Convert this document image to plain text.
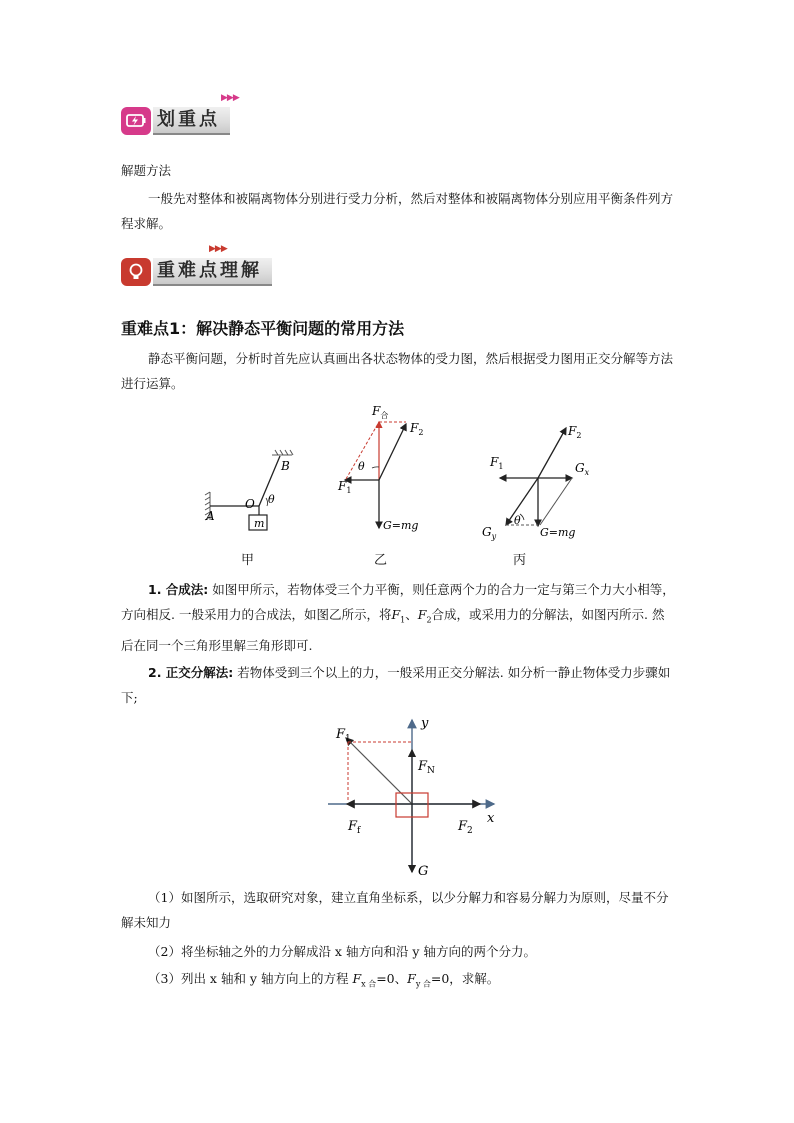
划重点
▶▶▶
解题方法
一般先对整体和被隔离物体分别进行受力分析，然后对整体和被隔离物体分别应用平衡条件列方程求解。
重难点理解
▶▶▶
重难点1：解决静态平衡问题的常用方法
静态平衡问题，分析时首先应认真画出各状态物体的受力图，然后根据受力图用正交分解等方法进行运算。
A
B
O
m
θ
甲
$F_合$
$F_2$
$F_1$
θ
G=mg
乙
$F_2$
$F_1$	$G_x$
$G_y$
θ
G=mg
丙
1. 合成法: 如图甲所示，若物体受三个力平衡，则任意两个力的合力一定与第三个力大小相等，方向相反. 一般采用力的合成法，如图乙所示，将$F_1$、$F_2$合成，或采用力的分解法，如图丙所示. 然后在同一个三角形里解三角形即可.
2. 正交分解法: 若物体受到三个以上的力，一般采用正交分解法. 如分析一静止物体受力步骤如下;
y
x
$F_1$
$F_N$
$F_f$	$F_2$
G
（1）如图所示，选取研究对象，建立直角坐标系，以少分解力和容易分解力为原则，尽量不分解未知力
（2）将坐标轴之外的力分解成沿 x 轴方向和沿 y 轴方向的两个分力。
（3）列出 x 轴和 y 轴方向上的方程 $F_{x 合}=0$、$F_{y 合}=0$，求解。
